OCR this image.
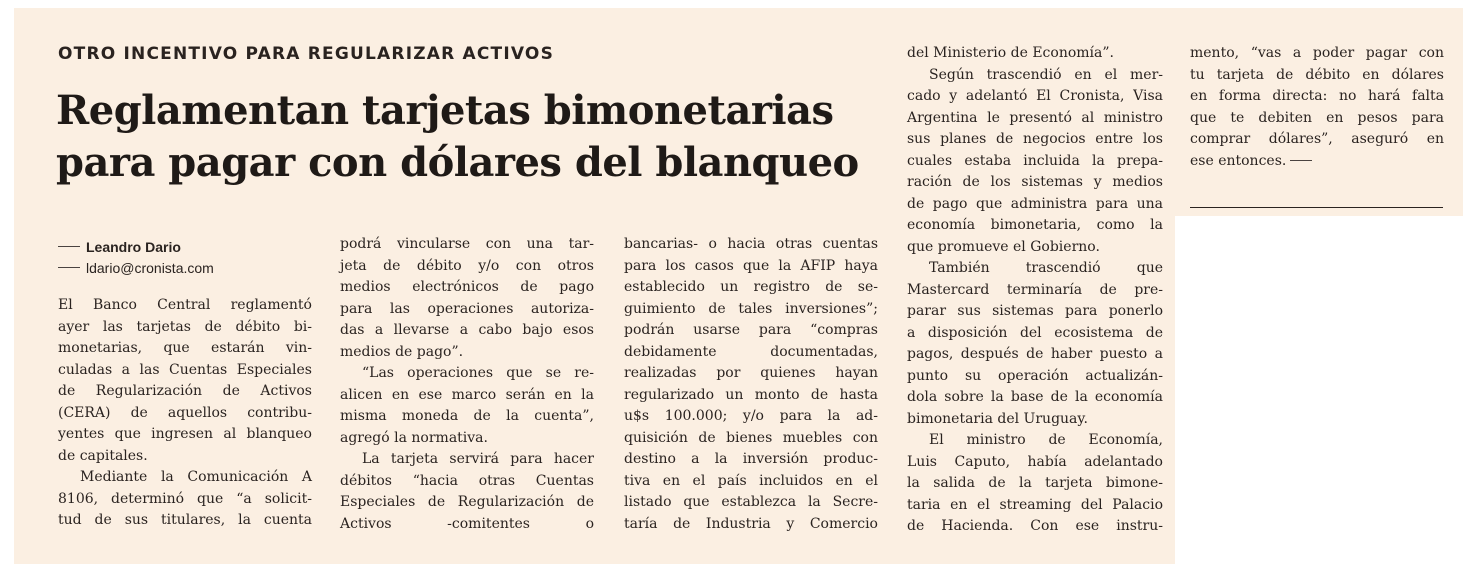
OTRO INCENTIVO PARA REGULARIZAR ACTIVOS
Reglamentan tarjetas bimonetarias
para pagar con dólares del blanqueo
Leandro Dario
ldario@cronista.com
El Banco Central reglamentó
ayer las tarjetas de débito bi-
monetarias, que estarán vin-
culadas a las Cuentas Especiales
de Regularización de Activos
(CERA) de aquellos contribu-
yentes que ingresen al blanqueo
de capitales.
Mediante la Comunicación A
8106, determinó que “a solicit-
tud de sus titulares, la cuenta
podrá vincularse con una tar-
jeta de débito y/o con otros
medios electrónicos de pago
para las operaciones autoriza-
das a llevarse a cabo bajo esos
medios de pago”.
“Las operaciones que se re-
alicen en ese marco serán en la
misma moneda de la cuenta”,
agregó la normativa.
La tarjeta servirá para hacer
débitos “hacia otras Cuentas
Especiales de Regularización de
Activos -comitentes o
bancarias- o hacia otras cuentas
para los casos que la AFIP haya
establecido un registro de se-
guimiento de tales inversiones”;
podrán usarse para “compras
debidamente documentadas,
realizadas por quienes hayan
regularizado un monto de hasta
u$s 100.000; y/o para la ad-
quisición de bienes muebles con
destino a la inversión produc-
tiva en el país incluidos en el
listado que establezca la Secre-
taría de Industria y Comercio
del Ministerio de Economía”.
Según trascendió en el mer-
cado y adelantó El Cronista, Visa
Argentina le presentó al ministro
sus planes de negocios entre los
cuales estaba incluida la prepa-
ración de los sistemas y medios
de pago que administra para una
economía bimonetaria, como la
que promueve el Gobierno.
También trascendió que
Mastercard terminaría de pre-
parar sus sistemas para ponerlo
a disposición del ecosistema de
pagos, después de haber puesto a
punto su operación actualizán-
dola sobre la base de la economía
bimonetaria del Uruguay.
El ministro de Economía,
Luis Caputo, había adelantado
la salida de la tarjeta bimone-
taria en el streaming del Palacio
de Hacienda. Con ese instru-
mento, “vas a poder pagar con
tu tarjeta de débito en dólares
en forma directa: no hará falta
que te debiten en pesos para
comprar dólares”, aseguró en
ese entonces.
